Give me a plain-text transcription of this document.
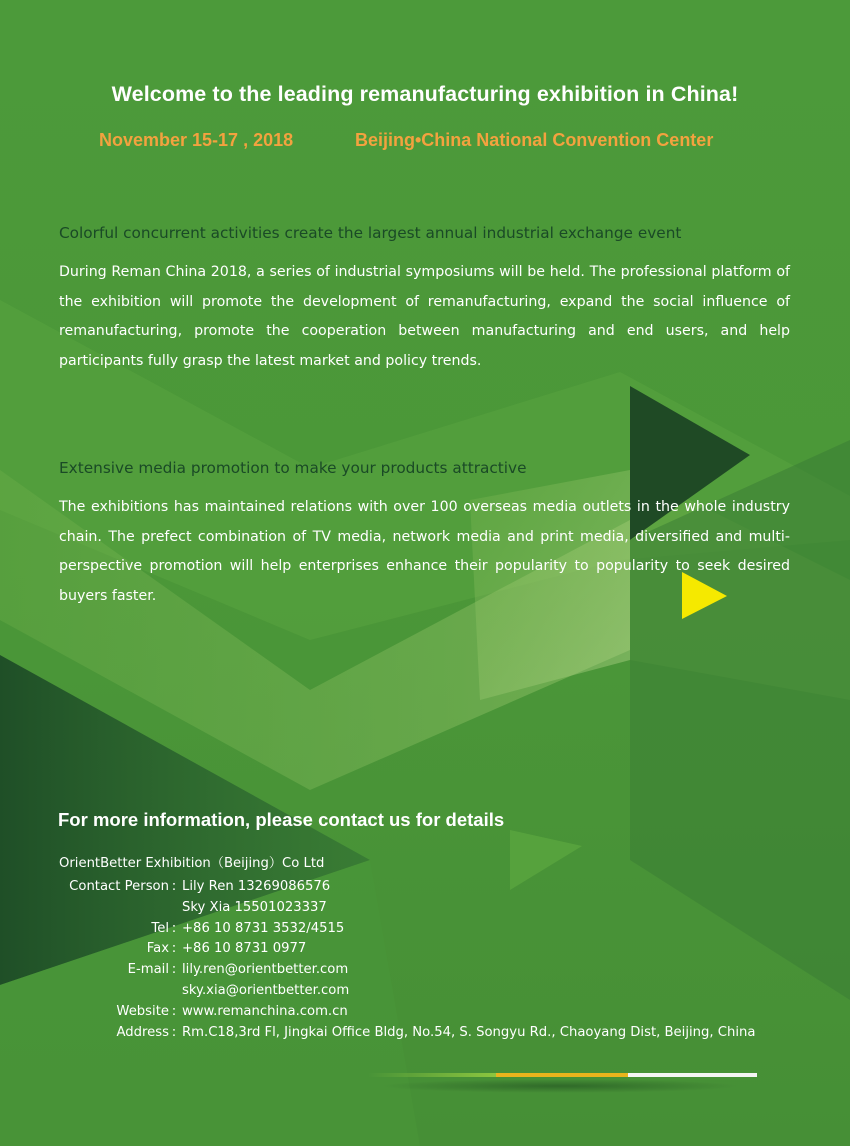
Welcome to the leading remanufacturing exhibition in China!
November 15-17 , 2018	Beijing•China National Convention Center
Colorful concurrent activities create the largest annual industrial exchange event
During Reman China 2018, a series of industrial symposiums will be held. The professional platform of the exhibition will promote the development of remanufacturing, expand the social influence of remanufacturing, promote the cooperation between manufacturing and end users, and help participants fully grasp the latest market and policy trends.
Extensive media promotion to make your products attractive
The exhibitions has maintained relations with over 100 overseas media outlets in the whole industry chain. The prefect combination of TV media, network media and print media, diversified and multi-perspective promotion will help enterprises enhance their popularity to popularity to seek desired buyers faster.
For more information, please contact us for details
OrientBetter Exhibition（Beijing）Co Ltd
Contact Person : Lily Ren 13269086576
Sky Xia 15501023337
Tel : +86 10 8731 3532/4515
Fax : +86 10 8731 0977
E-mail : lily.ren@orientbetter.com
sky.xia@orientbetter.com
Website : www.remanchina.com.cn
Address : Rm.C18,3rd Fl, Jingkai Office Bldg, No.54, S. Songyu Rd., Chaoyang Dist, Beijing, China
